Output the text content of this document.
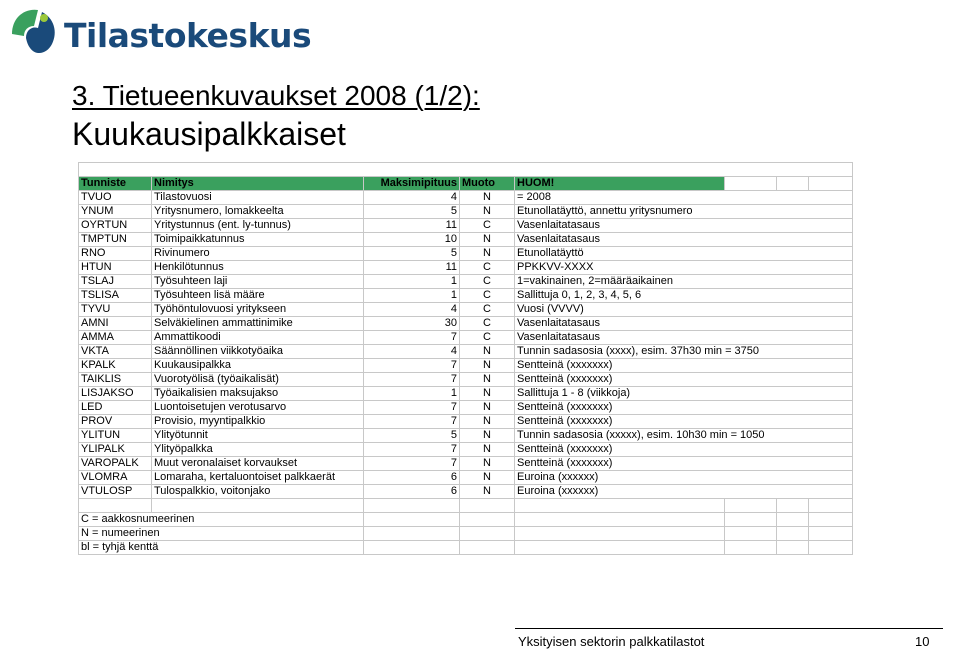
Tilastokeskus
3. Tietueenkuvaukset 2008 (1/2):
Kuukausipalkkaiset

Tunniste	Nimitys	Maksimipituus	Muoto	HUOM!			
TVUO	Tilastovuosi	4	N	= 2008			
YNUM	Yritysnumero, lomakkeelta	5	N	Etunollatäyttö, annettu yritysnumero			
OYRTUN	Yritystunnus (ent. ly-tunnus)	11	C	Vasenlaitatasaus			
TMPTUN	Toimipaikkatunnus	10	N	Vasenlaitatasaus			
RNO	Rivinumero	5	N	Etunollatäyttö			
HTUN	Henkilötunnus	11	C	PPKKVV-XXXX			
TSLAJ	Työsuhteen laji	1	C	1=vakinainen, 2=määräaikainen			
TSLISA	Työsuhteen lisä määre	1	C	Sallittuja 0, 1, 2, 3, 4, 5, 6			
TYVU	Työhöntulovuosi yritykseen	4	C	Vuosi (VVVV)			
AMNI	Selväkielinen ammattinimike	30	C	Vasenlaitatasaus			
AMMA	Ammattikoodi	7	C	Vasenlaitatasaus			
VKTA	Säännöllinen viikkotyöaika	4	N	Tunnin sadasosia (xxxx), esim. 37h30 min = 3750			
KPALK	Kuukausipalkka	7	N	Sentteinä (xxxxxxx)			
TAIKLIS	Vuorotyölisä (työaikalisät)	7	N	Sentteinä (xxxxxxx)			
LISJAKSO	Työaikalisien maksujakso	1	N	Sallittuja 1 - 8 (viikkoja)			
LED	Luontoisetujen verotusarvo	7	N	Sentteinä (xxxxxxx)			
PROV	Provisio, myyntipalkkio	7	N	Sentteinä (xxxxxxx)			
YLITUN	Ylityötunnit	5	N	Tunnin sadasosia (xxxxx), esim. 10h30 min = 1050			
YLIPALK	Ylityöpalkka	7	N	Sentteinä (xxxxxxx)			
VAROPALK	Muut veronalaiset korvaukset	7	N	Sentteinä (xxxxxxx)			
VLOMRA	Lomaraha, kertaluontoiset palkkaerät	6	N	Euroina (xxxxxx)			
VTULOSP	Tulospalkkio, voitonjako	6	N	Euroina (xxxxxx)			

C = aakkosnumeerinen							
N = numeerinen							
bl = tyhjä kenttä							
Yksityisen sektorin palkkatilastot	10
